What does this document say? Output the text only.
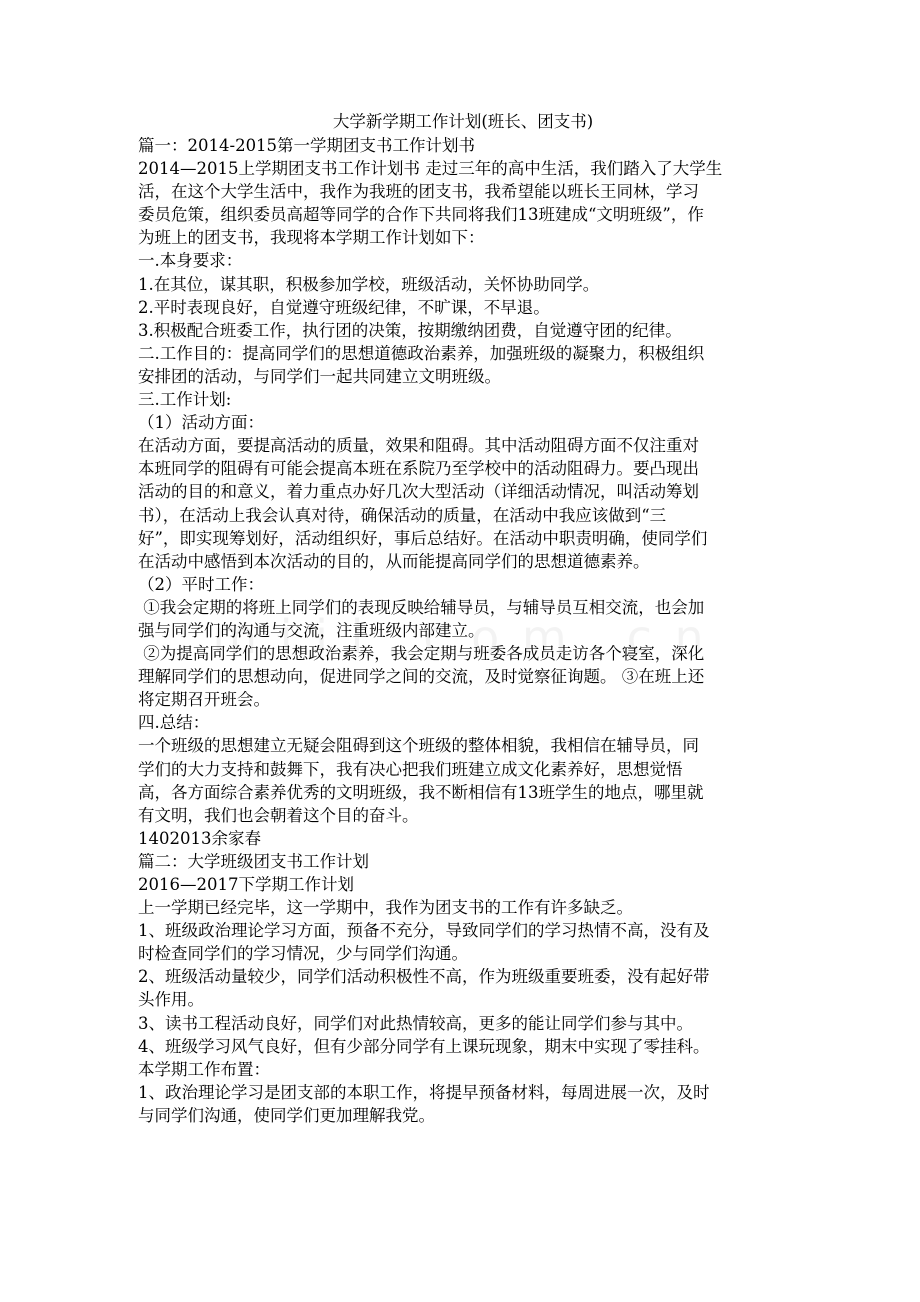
大学新学期工作计划(班长、团支书)
篇一：2014-2015第一学期团支书工作计划书
2014—2015上学期团支书工作计划书 走过三年的高中生活，我们踏入了大学生
活，在这个大学生活中，我作为我班的团支书，我希望能以班长王同林，学习
委员危策，组织委员高超等同学的合作下共同将我们13班建成“文明班级”，作
为班上的团支书，我现将本学期工作计划如下：
一.本身要求：
1.在其位，谋其职，积极参加学校，班级活动，关怀协助同学。
2.平时表现良好，自觉遵守班级纪律，不旷课，不早退。
3.积极配合班委工作，执行团的决策，按期缴纳团费，自觉遵守团的纪律。
二.工作目的：提高同学们的思想道德政治素养，加强班级的凝聚力，积极组织
安排团的活动，与同学们一起共同建立文明班级。
三.工作计划:
（1）活动方面：
在活动方面，要提高活动的质量，效果和阻碍。其中活动阻碍方面不仅注重对
本班同学的阻碍有可能会提高本班在系院乃至学校中的活动阻碍力。要凸现出
活动的目的和意义，着力重点办好几次大型活动（详细活动情况，叫活动筹划
书），在活动上我会认真对待，确保活动的质量，在活动中我应该做到“三
好”，即实现筹划好，活动组织好，事后总结好。在活动中职责明确，使同学们
在活动中感悟到本次活动的目的，从而能提高同学们的思想道德素养。
（2）平时工作：
①我会定期的将班上同学们的表现反映给辅导员，与辅导员互相交流，也会加
强与同学们的沟通与交流，注重班级内部建立。
②为提高同学们的思想政治素养，我会定期与班委各成员走访各个寝室，深化
理解同学们的思想动向，促进同学之间的交流，及时觉察征询题。 ③在班上还
将定期召开班会。
四.总结：
一个班级的思想建立无疑会阻碍到这个班级的整体相貌，我相信在辅导员，同
学们的大力支持和鼓舞下，我有决心把我们班建立成文化素养好，思想觉悟
高，各方面综合素养优秀的文明班级，我不断相信有13班学生的地点，哪里就
有文明，我们也会朝着这个目的奋斗。
1402013余家春
篇二：大学班级团支书工作计划
2016—2017下学期工作计划
上一学期已经完毕，这一学期中，我作为团支书的工作有许多缺乏。
1、班级政治理论学习方面，预备不充分，导致同学们的学习热情不高，没有及
时检查同学们的学习情况，少与同学们沟通。
2、班级活动量较少，同学们活动积极性不高，作为班级重要班委，没有起好带
头作用。
3、读书工程活动良好，同学们对此热情较高，更多的能让同学们参与其中。
4、班级学习风气良好，但有少部分同学有上课玩现象，期末中实现了零挂科。
本学期工作布置：
1、政治理论学习是团支部的本职工作，将提早预备材料，每周进展一次，及时
与同学们沟通，使同学们更加理解我党。
